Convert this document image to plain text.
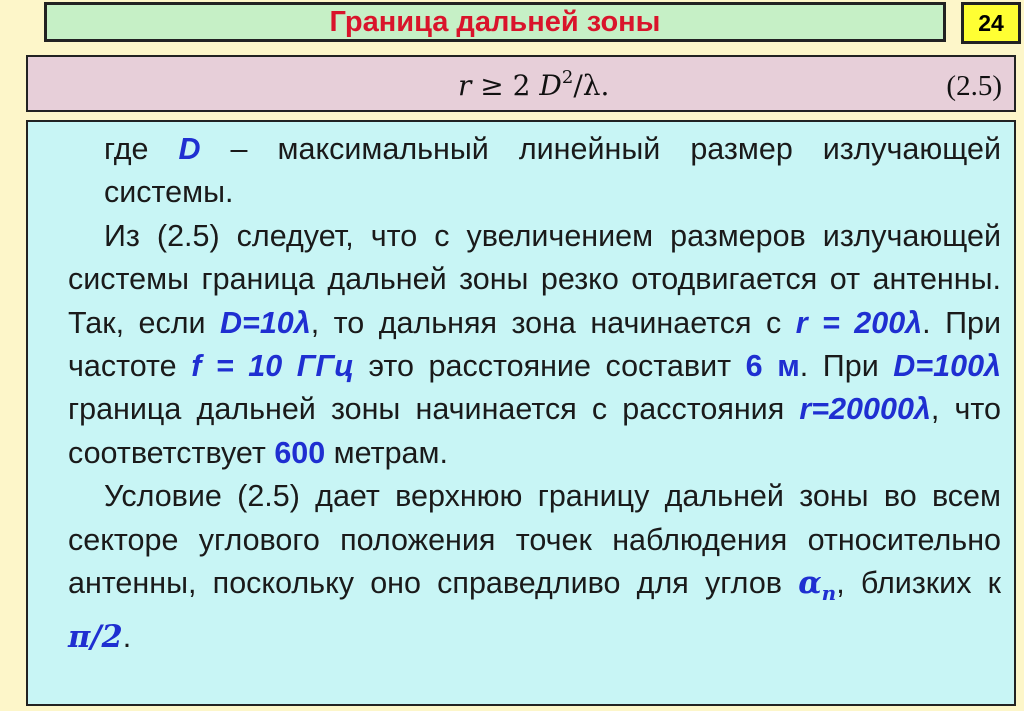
Граница дальней зоны	24
r ≥ 2 $D^2/\lambda$.	(2.5)

где D – максимальный линейный размер излучающей системы.

Из (2.5) следует, что с увеличением размеров излучающей системы граница дальней зоны резко отодвигается от антенны. Так, если D=10λ, то дальняя зона начинается с r = 200λ. При частоте f = 10 ГГц это расстояние составит 6 м. При D=100λ граница дальней зоны начинается с расстояния r=20000λ, что соответствует 600 метрам.

Условие (2.5) дает верхнюю границу дальней зоны во всем секторе углового положения точек наблюдения относительно антенны, поскольку оно справедливо для углов $\alpha_n$, близких к π/2.
